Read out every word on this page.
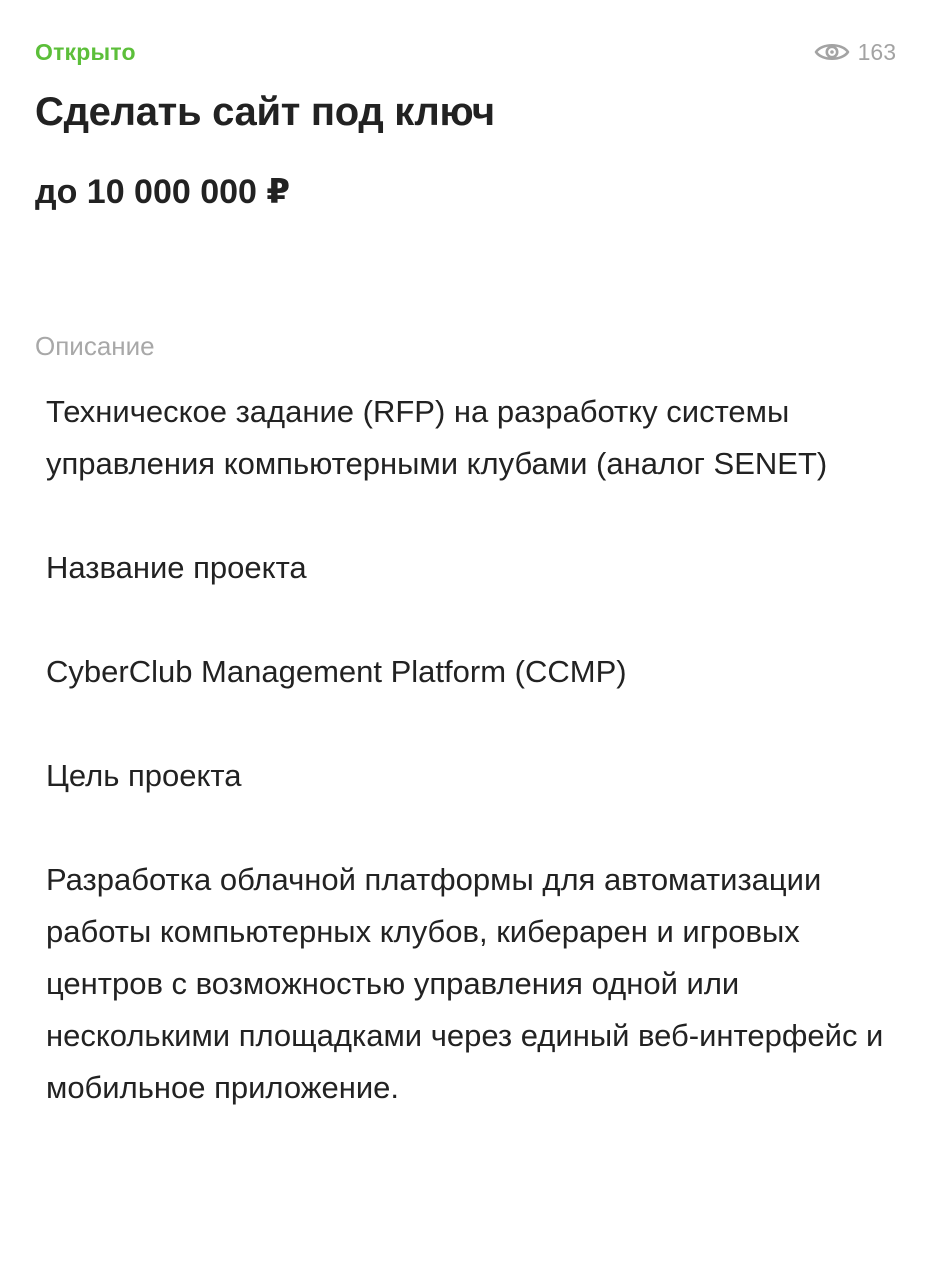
Открыто	163
Сделать сайт под ключ
до 10 000 000 ₽
Описание

Техническое задание (RFP) на разработку системы управления компьютерными клубами (аналог SENET)

Название проекта

CyberClub Management Platform (CCMP)

Цель проекта

Разработка облачной платформы для автоматизации работы компьютерных клубов, киберарен и игровых центров с возможностью управления одной или несколькими площадками через единый веб-интерфейс и мобильное приложение.
